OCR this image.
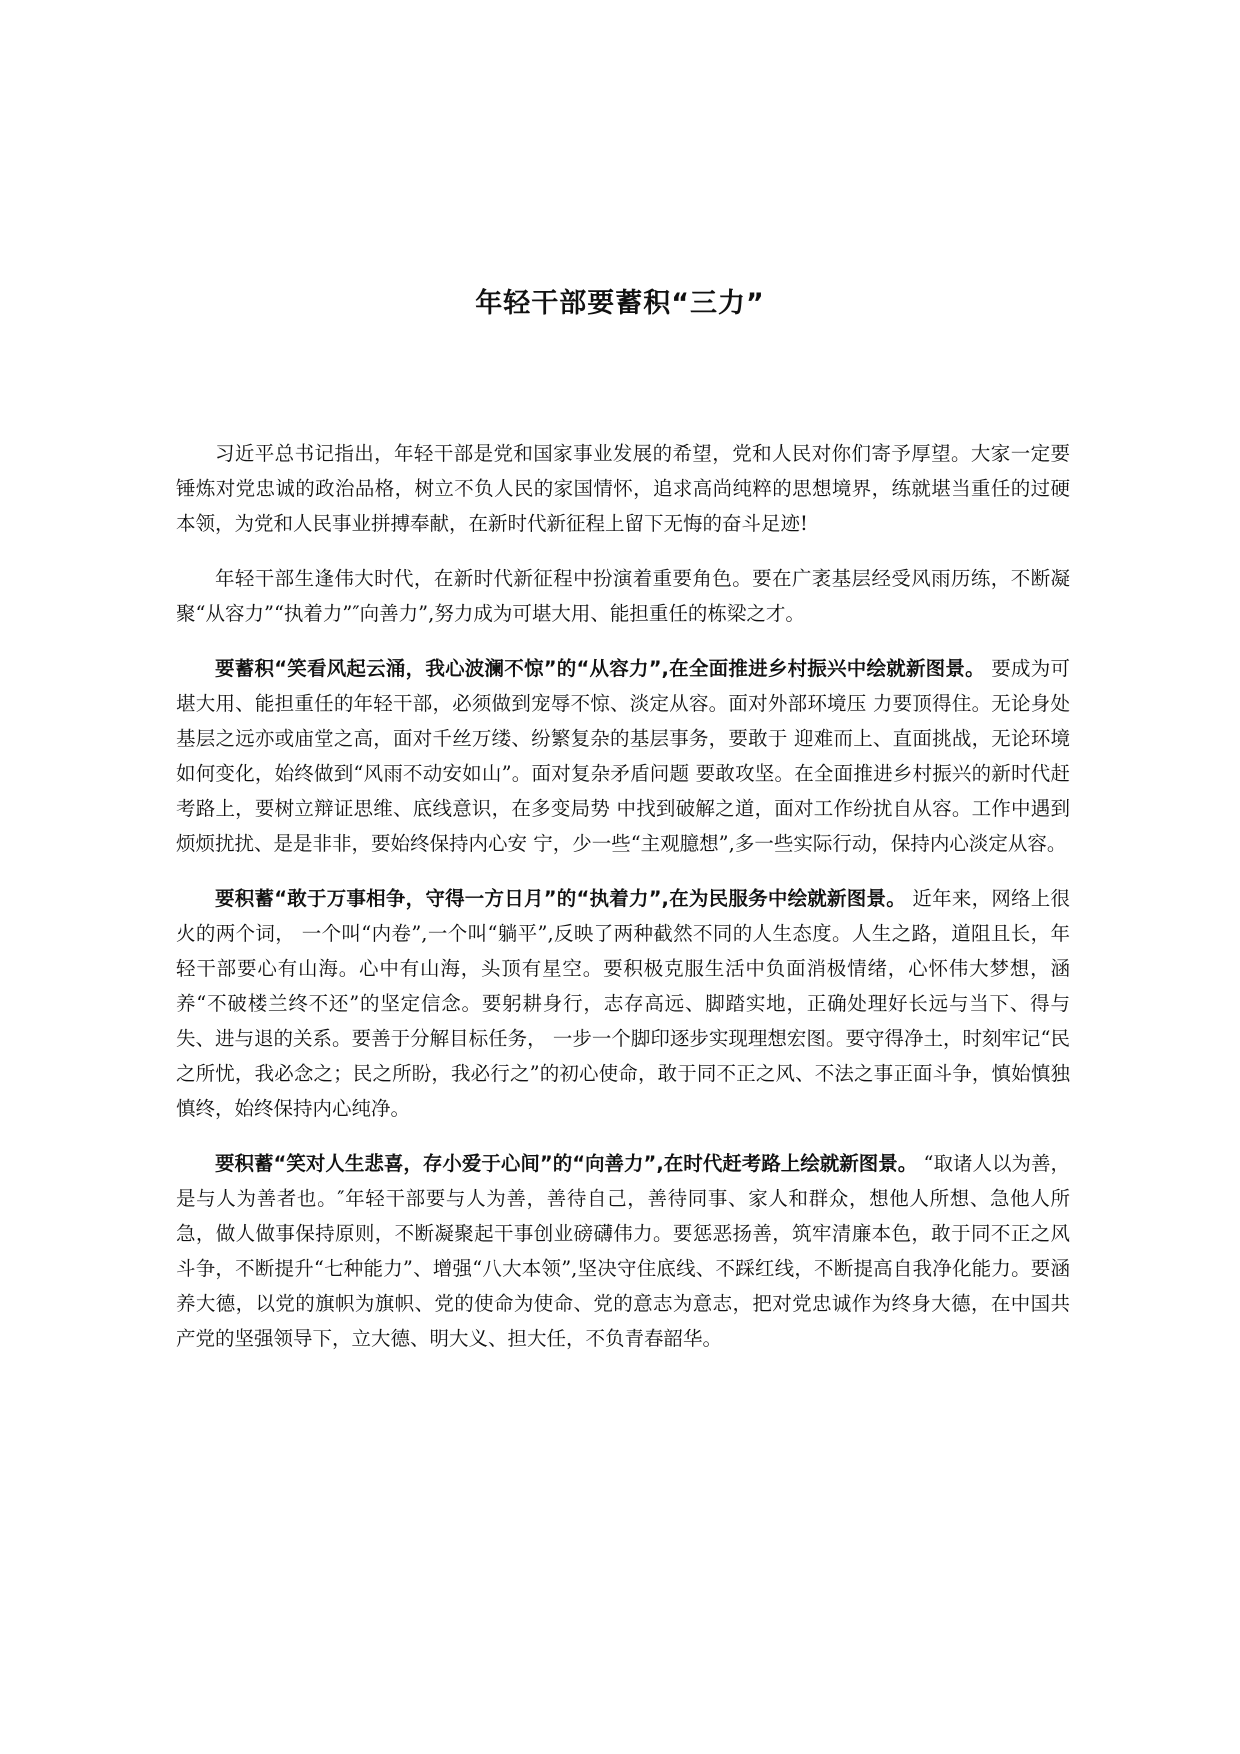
年轻干部要蓄积“三力”

习近平总书记指出，年轻干部是党和国家事业发展的希望，党和人民对你们寄予厚望。大家一定要锤炼对党忠诚的政治品格，树立不负人民的家国情怀，追求高尚纯粹的思想境界，练就堪当重任的过硬本领，为党和人民事业拼搏奉献，在新时代新征程上留下无悔的奋斗足迹!

年轻干部生逢伟大时代，在新时代新征程中扮演着重要角色。要在广袤基层经受风雨历练，不断凝聚“从容力”“执着力”″向善力”,努力成为可堪大用、能担重任的栋梁之才。

要蓄积“笑看风起云涌，我心波澜不惊”的“从容力”,在全面推进乡村振兴中绘就新图景。 要成为可堪大用、能担重任的年轻干部，必须做到宠辱不惊、淡定从容。面对外部环境压 力要顶得住。无论身处基层之远亦或庙堂之高，面对千丝万缕、纷繁复杂的基层事务，要敢于 迎难而上、直面挑战，无论环境如何变化，始终做到“风雨不动安如山”。面对复杂矛盾问题 要敢攻坚。在全面推进乡村振兴的新时代赶考路上，要树立辩证思维、底线意识，在多变局势 中找到破解之道，面对工作纷扰自从容。工作中遇到烦烦扰扰、是是非非，要始终保持内心安 宁，少一些“主观臆想”,多一些实际行动，保持内心淡定从容。

要积蓄“敢于万事相争，守得一方日月”的“执着力”,在为民服务中绘就新图景。 近年来，网络上很火的两个词， 一个叫“内卷”,一个叫“躺平”,反映了两种截然不同的人生态度。人生之路，道阻且长，年轻干部要心有山海。心中有山海，头顶有星空。要积极克服生活中负面消极情绪，心怀伟大梦想，涵养“不破楼兰终不还”的坚定信念。要躬耕身行，志存高远、脚踏实地，正确处理好长远与当下、得与失、进与退的关系。要善于分解目标任务， 一步一个脚印逐步实现理想宏图。要守得净土，时刻牢记“民之所忧，我必念之；民之所盼，我必行之”的初心使命，敢于同不正之风、不法之事正面斗争，慎始慎独慎终，始终保持内心纯净。

要积蓄“笑对人生悲喜，存小爱于心间”的“向善力”,在时代赶考路上绘就新图景。 “取诸人以为善，是与人为善者也。″年轻干部要与人为善，善待自己，善待同事、家人和群众，想他人所想、急他人所急，做人做事保持原则，不断凝聚起干事创业磅礴伟力。要惩恶扬善，筑牢清廉本色，敢于同不正之风斗争，不断提升“七种能力”、增强“八大本领”,坚决守住底线、不踩红线，不断提高自我净化能力。要涵养大德，以党的旗帜为旗帜、党的使命为使命、党的意志为意志，把对党忠诚作为终身大德，在中国共产党的坚强领导下，立大德、明大义、担大任，不负青春韶华。
